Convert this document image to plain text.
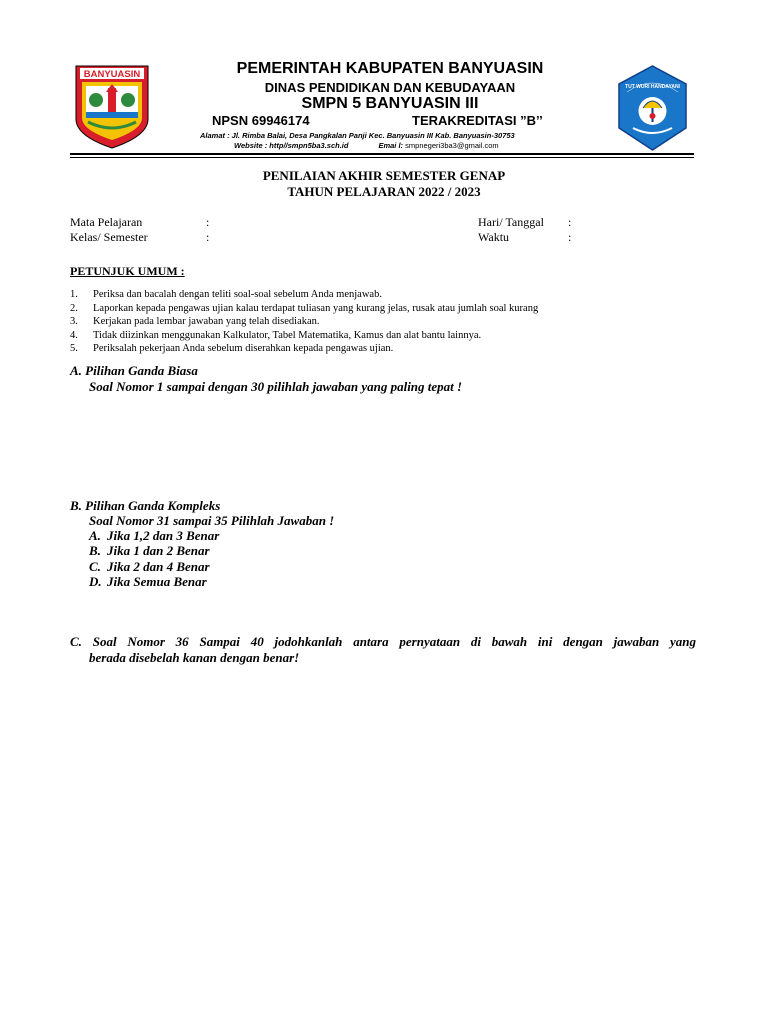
BANYUASIN	PEMERINTAH KABUPATEN BANYUASIN
DINAS PENDIDIKAN DAN KEBUDAYAAN
SMPN 5 BANYUASIN III
NPSN 69946174	TERAKREDITASI ”B’’
Alamat : Jl. Rimba Balai, Desa Pangkalan Panji Kec. Banyuasin III Kab. Banyuasin-30753
Website : http//smpn5ba3.sch.id	Emai l: smpnegeri3ba3@gmail.com
TUT WURI HANDAYANI
PENILAIAN AKHIR SEMESTER GENAP
TAHUN PELAJARAN 2022 / 2023
Mata Pelajaran	:
Kelas/ Semester	:
Hari/ Tanggal :
Waktu	:
PETUNJUK UMUM :
1.	Periksa dan bacalah dengan teliti soal-soal sebelum Anda menjawab.
2.	Laporkan kepada pengawas ujian kalau terdapat tuliasan yang kurang jelas, rusak atau jumlah soal kurang
3.	Kerjakan pada lembar jawaban yang telah disediakan.
4.	Tidak diizinkan menggunakan Kalkulator, Tabel Matematika, Kamus dan alat bantu lainnya.
5.	Periksalah pekerjaan Anda sebelum diserahkan kepada pengawas ujian.
A. Pilihan Ganda Biasa
Soal Nomor 1 sampai dengan 30 pilihlah jawaban yang paling tepat !
B. Pilihan Ganda Kompleks
Soal Nomor 31 sampai 35 Pilihlah Jawaban !
A. Jika 1,2 dan 3 Benar
B. Jika 1 dan 2 Benar
C. Jika 2 dan 4 Benar
D. Jika Semua Benar
C. Soal Nomor 36 Sampai 40 jodohkanlah antara pernyataan di bawah ini dengan jawaban yang
berada disebelah kanan dengan benar!
